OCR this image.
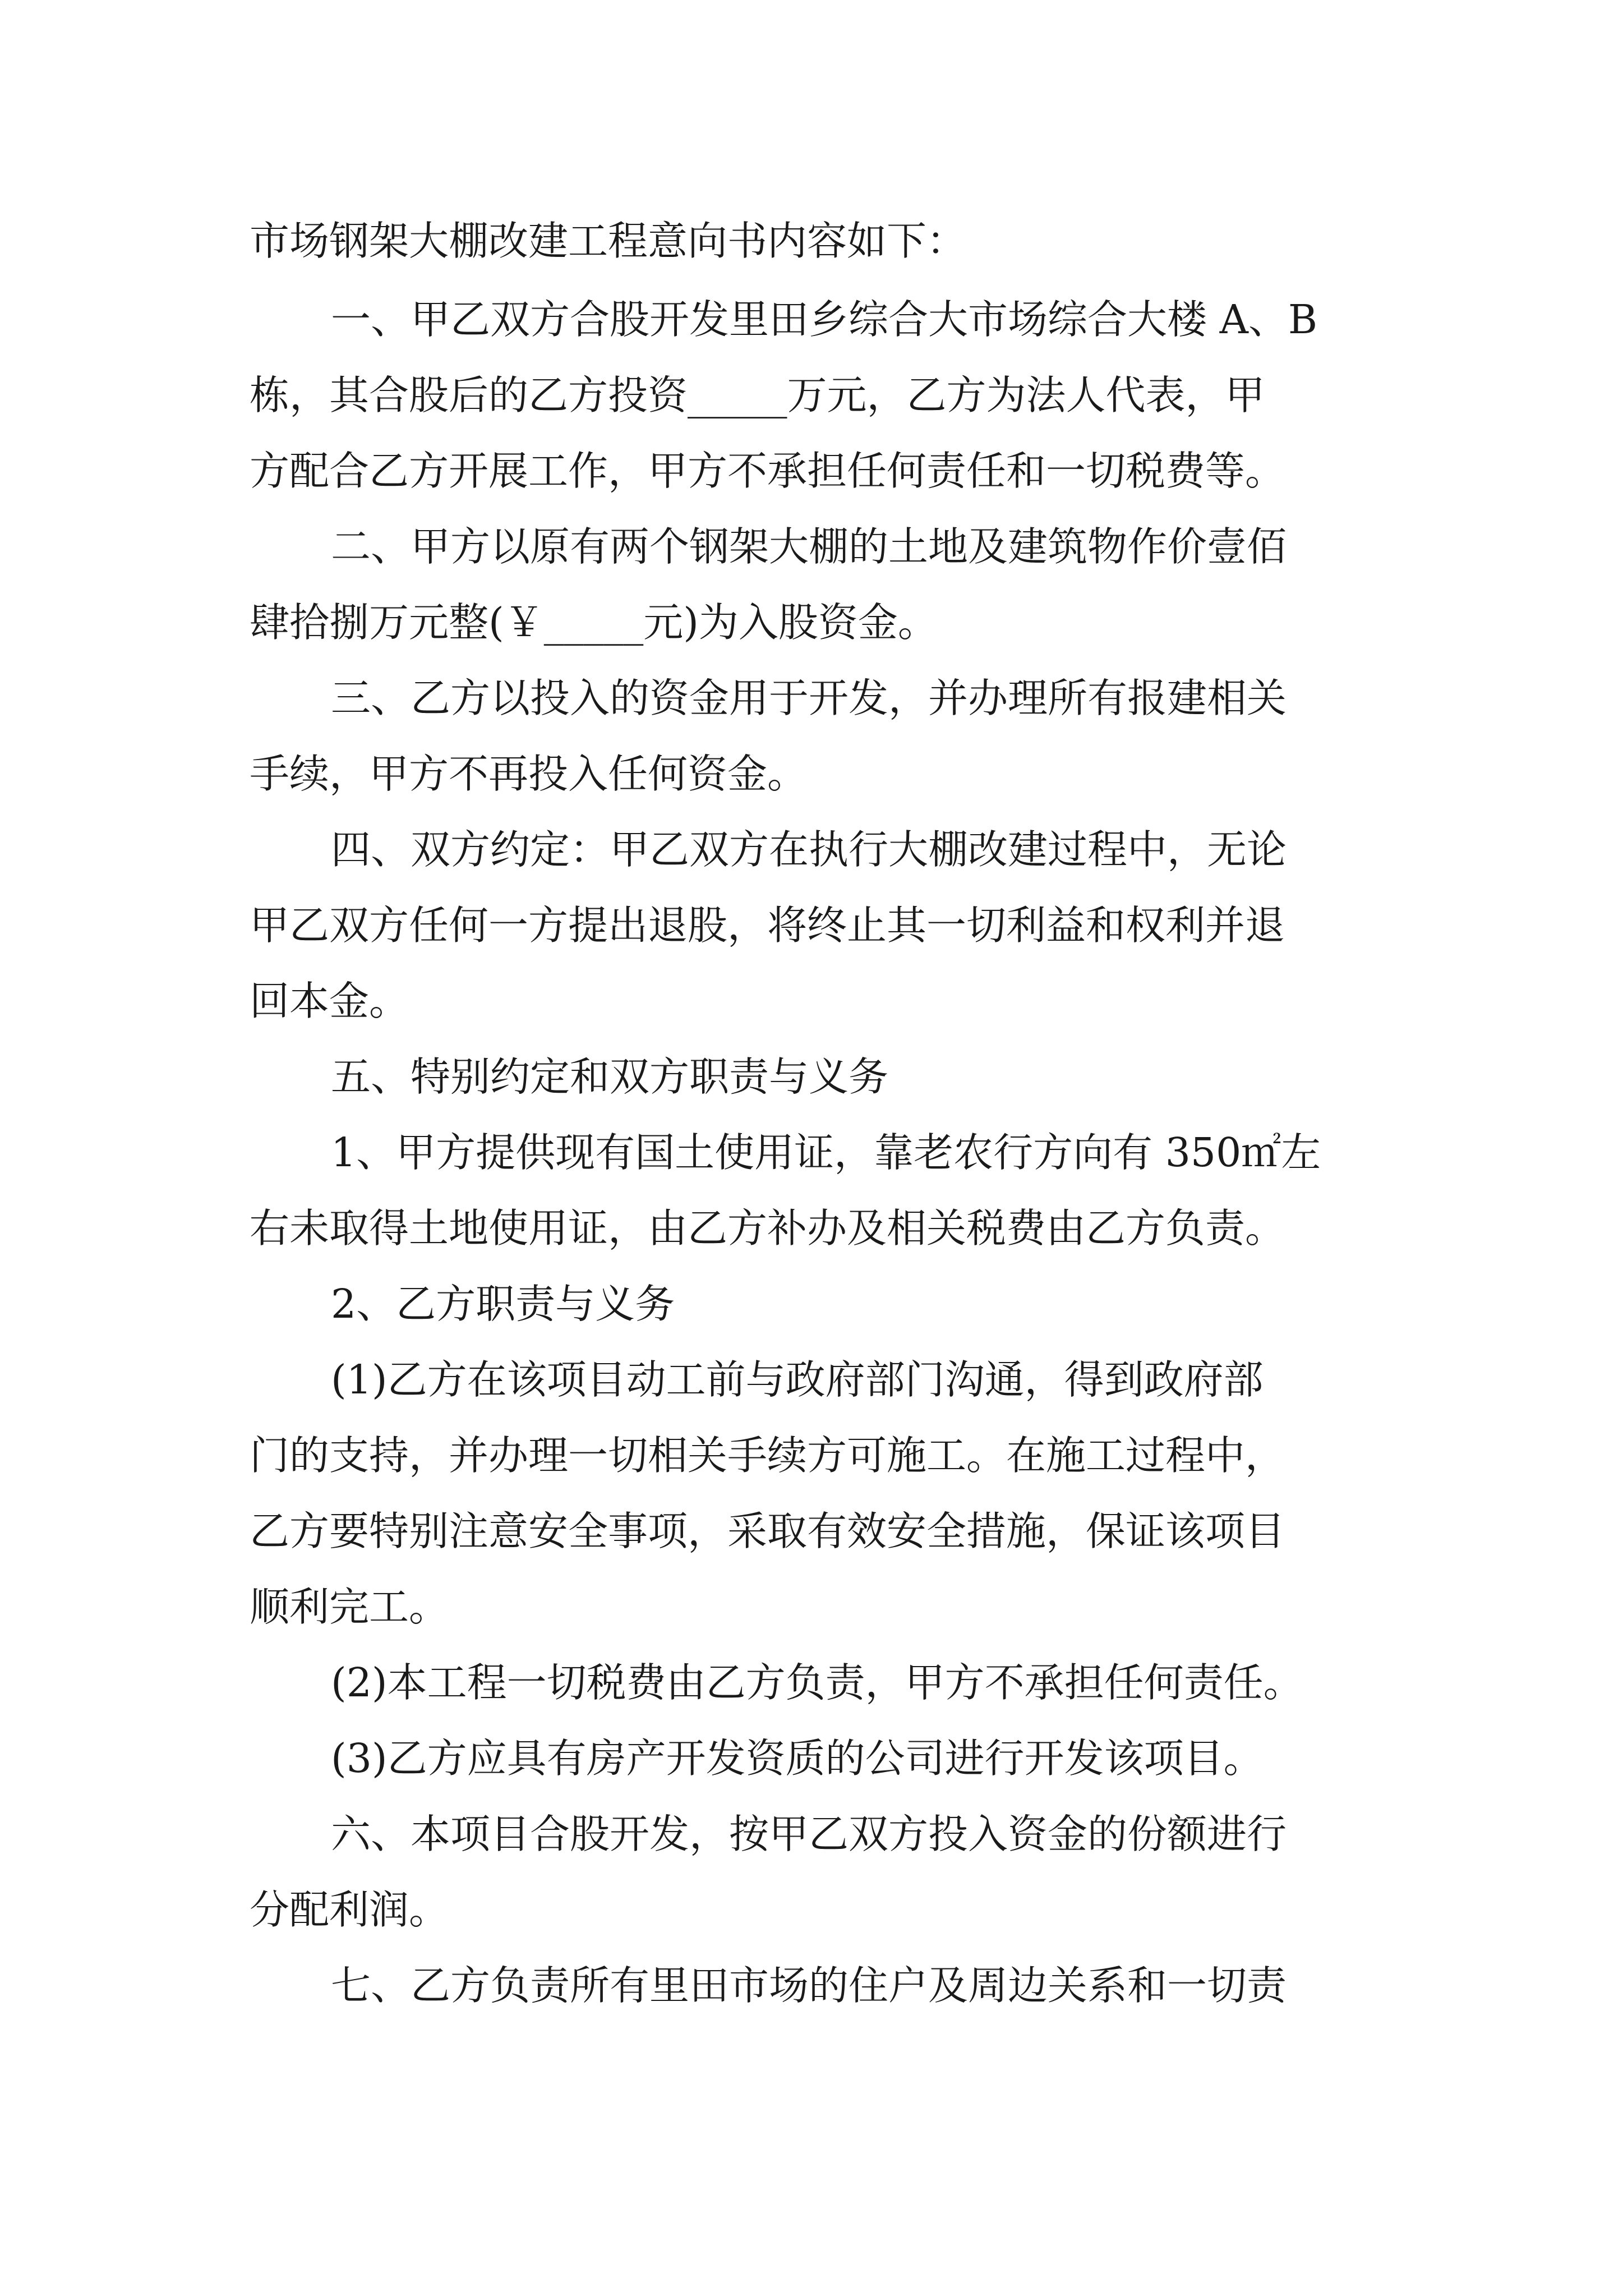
市场钢架大棚改建工程意向书内容如下：

一、甲乙双方合股开发里田乡综合大市场综合大楼 A、B

栋，其合股后的乙方投资_____万元，乙方为法人代表，甲

方配合乙方开展工作，甲方不承担任何责任和一切税费等。

二、甲方以原有两个钢架大棚的土地及建筑物作价壹佰

肆拾捌万元整(￥_____元)为入股资金。

三、乙方以投入的资金用于开发，并办理所有报建相关

手续，甲方不再投入任何资金。

四、双方约定：甲乙双方在执行大棚改建过程中，无论

甲乙双方任何一方提出退股，将终止其一切利益和权利并退

回本金。

五、特别约定和双方职责与义务

1、甲方提供现有国土使用证，靠老农行方向有 350㎡左

右未取得土地使用证，由乙方补办及相关税费由乙方负责。

2、乙方职责与义务

(1)乙方在该项目动工前与政府部门沟通，得到政府部

门的支持，并办理一切相关手续方可施工。在施工过程中，

乙方要特别注意安全事项，采取有效安全措施，保证该项目

顺利完工。

(2)本工程一切税费由乙方负责，甲方不承担任何责任。

(3)乙方应具有房产开发资质的公司进行开发该项目。

六、本项目合股开发，按甲乙双方投入资金的份额进行

分配利润。

七、乙方负责所有里田市场的住户及周边关系和一切责
